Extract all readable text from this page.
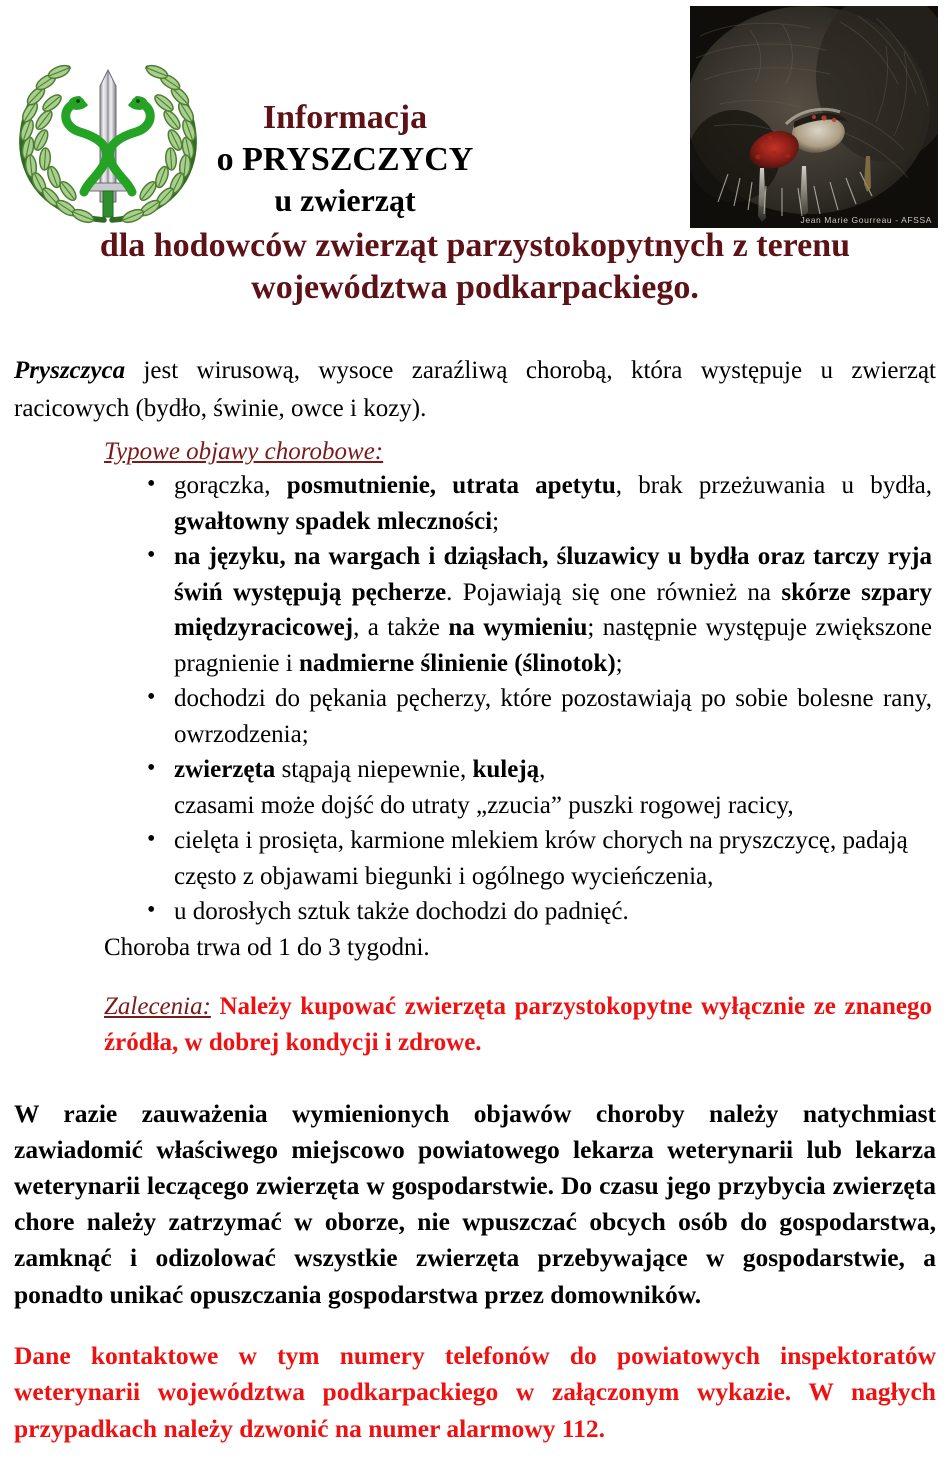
Jean Marie Gourreau - AFSSA
Informacja
o PRYSZCZYCY
u zwierząt
dla hodowców zwierząt parzystokopytnych z terenu
województwa podkarpackiego.

Pryszczyca jest wirusową, wysoce zaraźliwą chorobą, która występuje u zwierząt racicowych (bydło, świnie, owce i kozy).

Typowe objawy chorobowe:
• gorączka, posmutnienie, utrata apetytu, brak przeżuwania u bydła, gwałtowny spadek mleczności;
• na języku, na wargach i dziąsłach, śluzawicy u bydła oraz tarczy ryja świń występują pęcherze. Pojawiają się one również na skórze szpary międzyracicowej, a także na wymieniu; następnie występuje zwiększone pragnienie i nadmierne ślinienie (ślinotok);
• dochodzi do pękania pęcherzy, które pozostawiają po sobie bolesne rany, owrzodzenia;
• zwierzęta stąpają niepewnie, kuleją,
czasami może dojść do utraty „zzucia” puszki rogowej racicy,
• cielęta i prosięta, karmione mlekiem krów chorych na pryszczycę, padają często z objawami biegunki i ogólnego wycieńczenia,
• u dorosłych sztuk także dochodzi do padnięć.
Choroba trwa od 1 do 3 tygodni.

Zalecenia: Należy kupować zwierzęta parzystokopytne wyłącznie ze znanego źródła, w dobrej kondycji i zdrowe.

W razie zauważenia wymienionych objawów choroby należy natychmiast zawiadomić właściwego miejscowo powiatowego lekarza weterynarii lub lekarza weterynarii leczącego zwierzęta w gospodarstwie. Do czasu jego przybycia zwierzęta chore należy zatrzymać w oborze, nie wpuszczać obcych osób do gospodarstwa, zamknąć i odizolować wszystkie zwierzęta przebywające w gospodarstwie, a ponadto unikać opuszczania gospodarstwa przez domowników.

Dane kontaktowe w tym numery telefonów do powiatowych inspektoratów weterynarii województwa podkarpackiego w załączonym wykazie. W nagłych przypadkach należy dzwonić na numer alarmowy 112.
